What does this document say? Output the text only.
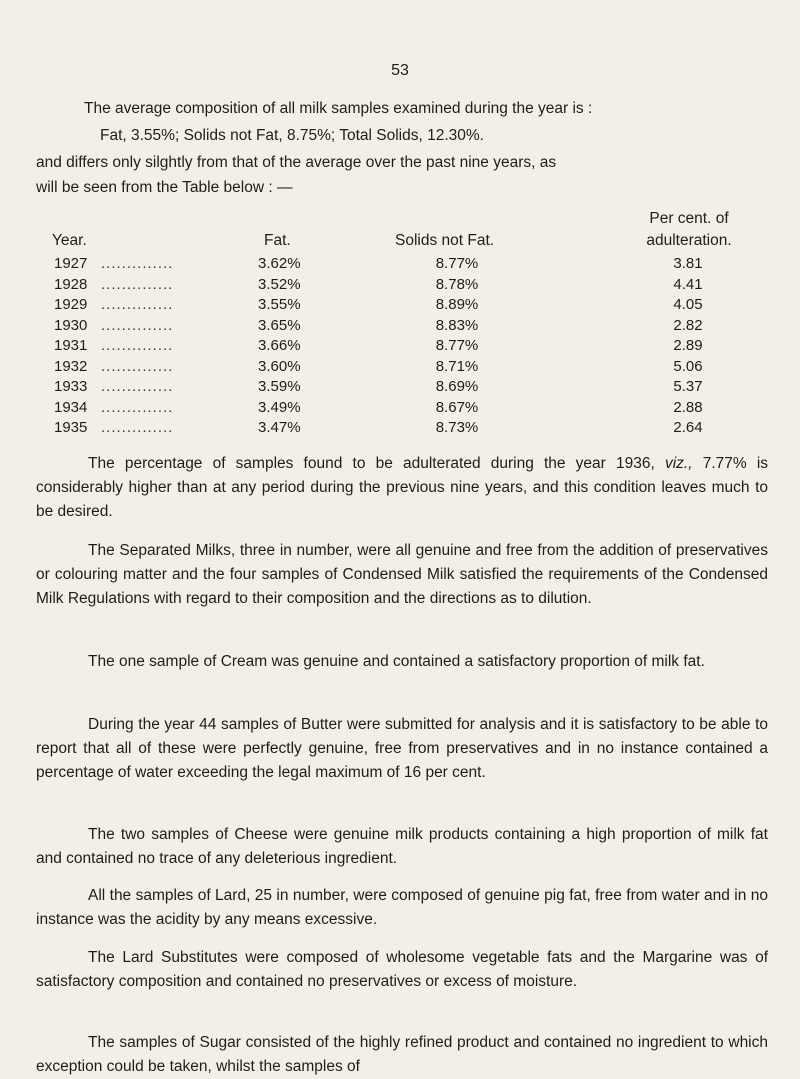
53
The average composition of all milk samples examined during the year is :
Fat, 3.55%; Solids not Fat, 8.75%; Total Solids, 12.30%.
and differs only silghtly from that of the average over the past nine years, as
will be seen from the Table below : —
Year.	Fat.	Solids not Fat.
Per cent. of
adulteration.
1927 ..............	3.62%	8.77%	3.81
1928 ..............	3.52%	8.78%	4.41
1929 ..............	3.55%	8.89%	4.05
1930 ..............	3.65%	8.83%	2.82
1931 ..............	3.66%	8.77%	2.89
1932 ..............	3.60%	8.71%	5.06
1933 ..............	3.59%	8.69%	5.37
1934 ..............	3.49%	8.67%	2.88
1935 ..............	3.47%	8.73%	2.64

The percentage of samples found to be adulterated during the year 1936, viz., 7.77% is considerably higher than at any period during the previous nine years, and this condition leaves much to be desired.

The Separated Milks, three in number, were all genuine and free from the addition of preservatives or colouring matter and the four samples of Condensed Milk satisfied the requirements of the Condensed Milk Regulations with regard to their composition and the directions as to dilution.

The one sample of Cream was genuine and contained a satisfactory proportion of milk fat.

During the year 44 samples of Butter were submitted for analysis and it is satisfactory to be able to report that all of these were perfectly genuine, free from preservatives and in no instance contained a percentage of water exceeding the legal maximum of 16 per cent.

The two samples of Cheese were genuine milk products containing a high proportion of milk fat and contained no trace of any deleterious ingredient.

All the samples of Lard, 25 in number, were composed of genuine pig fat, free from water and in no instance was the acidity by any means excessive.

The Lard Substitutes were composed of wholesome vegetable fats and the Margarine was of satisfactory composition and contained no preservatives or excess of moisture.

The samples of Sugar consisted of the highly refined product and contained no ingredient to which exception could be taken, whilst the samples of
